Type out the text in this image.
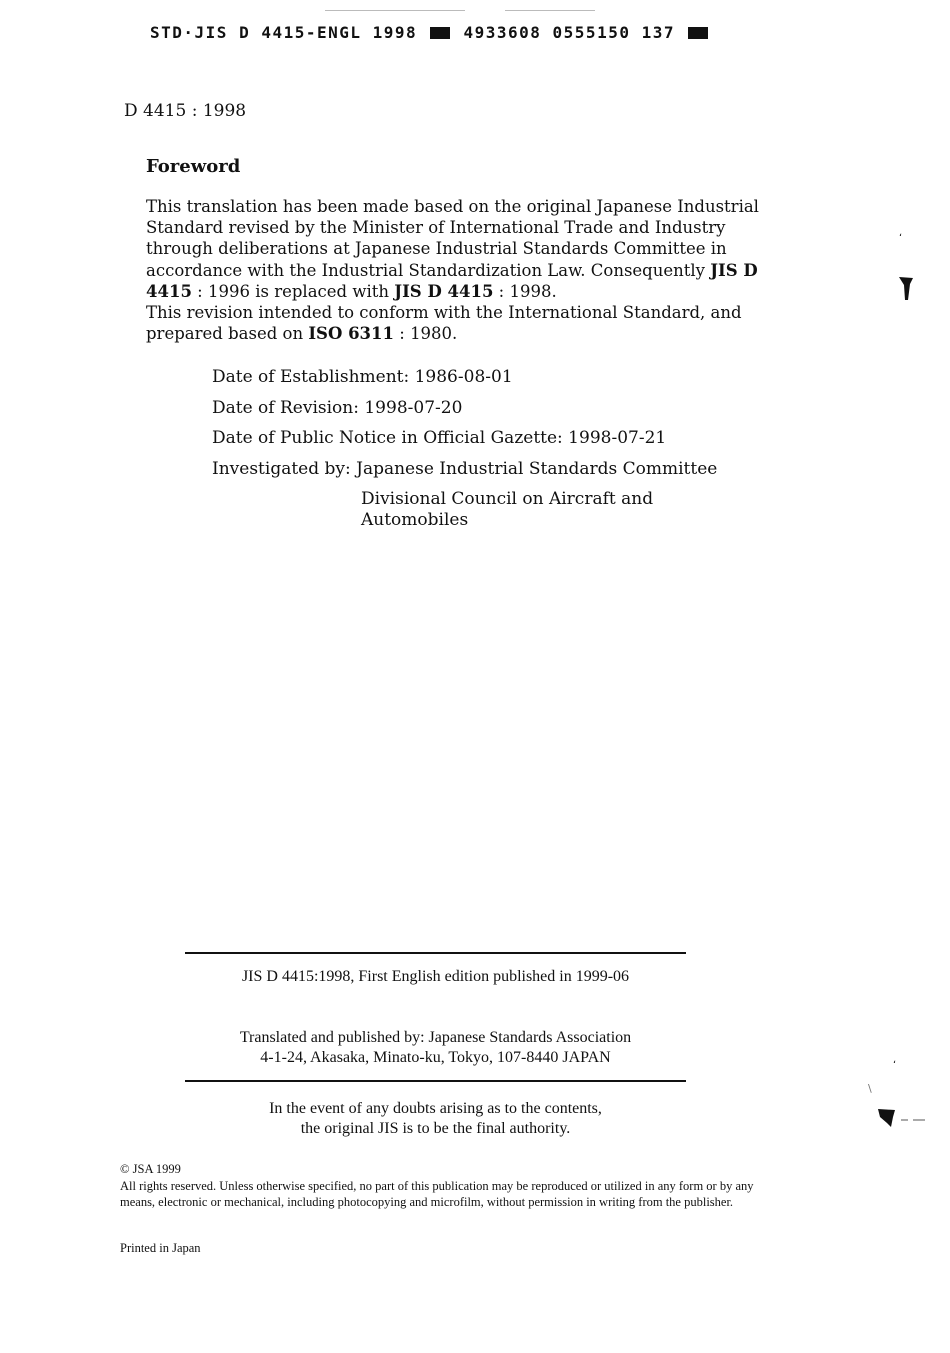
STD·JIS D 4415-ENGL 1998	4933608 0555150 137
D 4415 : 1998
Foreword

This translation has been made based on the original Japanese Industrial Standard revised by the Minister of International Trade and Industry through deliberations at Japanese Industrial Standards Committee in accordance with the Industrial Standardization Law. Consequently JIS D 4415 : 1996 is replaced with JIS D 4415 : 1998.

This revision intended to conform with the International Standard, and prepared based on ISO 6311 : 1980.

Date of Establishment: 1986-08-01
Date of Revision: 1998-07-20
Date of Public Notice in Official Gazette: 1998-07-21
Investigated by: Japanese Industrial Standards Committee
Divisional Council on Aircraft and
Automobiles
ʻ
ʻ
\
JIS D 4415:1998, First English edition published in 1999-06
Translated and published by: Japanese Standards Association
4-1-24, Akasaka, Minato-ku, Tokyo, 107-8440 JAPAN
In the event of any doubts arising as to the contents,
the original JIS is to be the final authority.
© JSA 1999
All rights reserved. Unless otherwise specified, no part of this publication may be reproduced or utilized in any form or by any means, electronic or mechanical, including photocopying and microfilm, without permission in writing from the publisher.
Printed in Japan
